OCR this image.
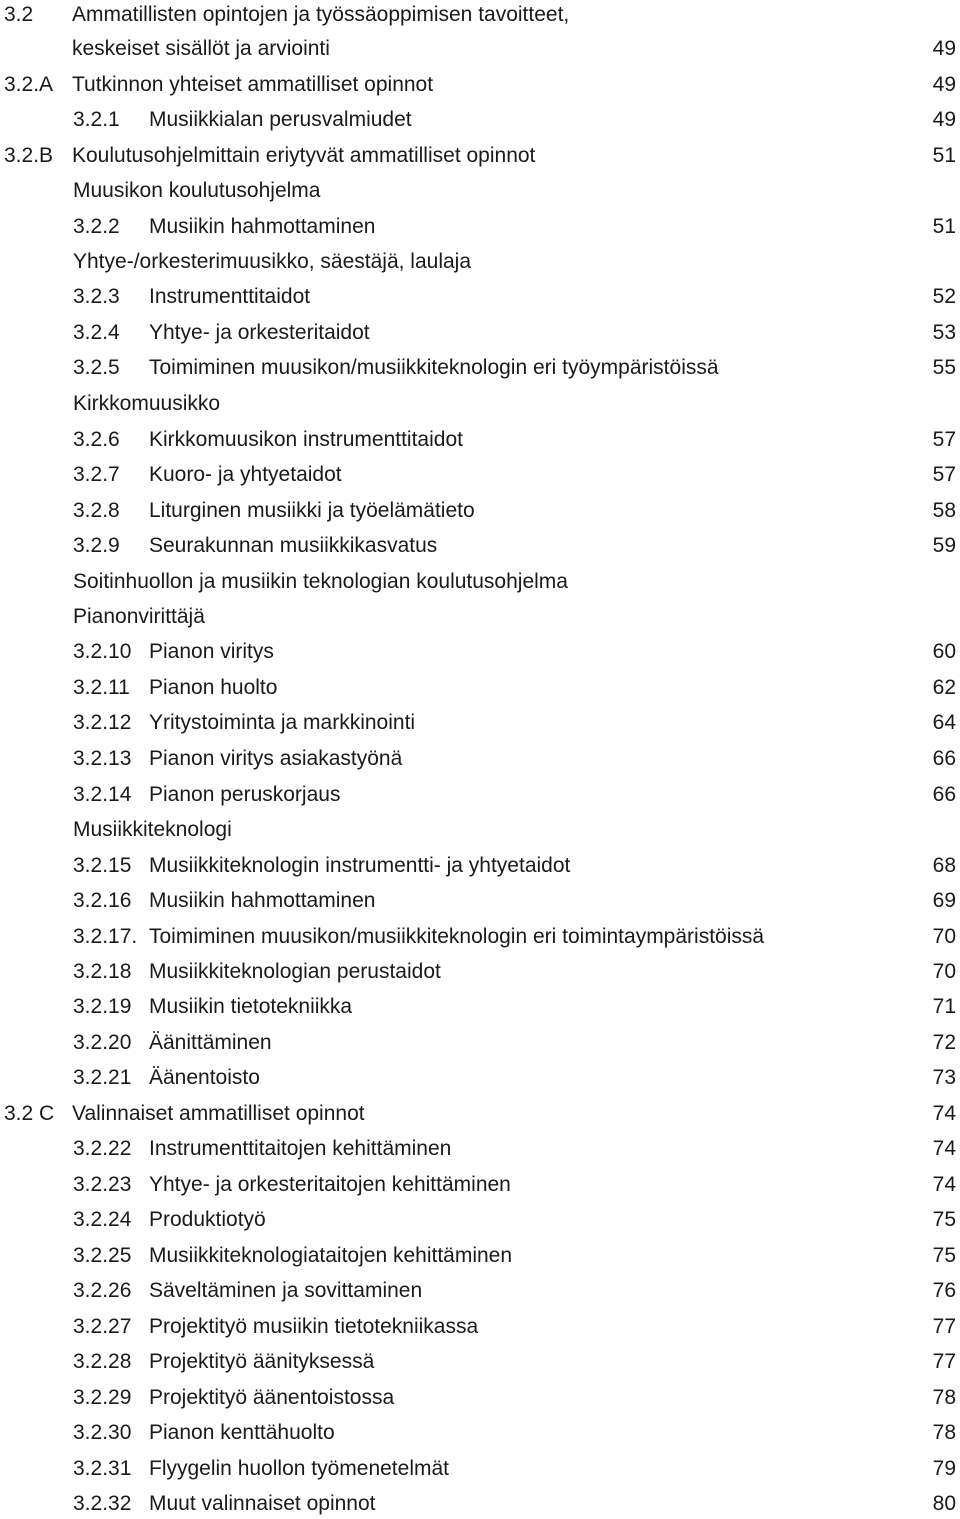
3.2 Ammatillisten opintojen ja työssäoppimisen tavoitteet,
keskeiset sisällöt ja arviointi	49
3.2.A Tutkinnon yhteiset ammatilliset opinnot	49
3.2.1 Musiikkialan perusvalmiudet	49
3.2.B Koulutusohjelmittain eriytyvät ammatilliset opinnot	51
Muusikon koulutusohjelma
3.2.2 Musiikin hahmottaminen	51
Yhtye-/orkesterimuusikko, säestäjä, laulaja
3.2.3 Instrumenttitaidot	52
3.2.4 Yhtye- ja orkesteritaidot	53
3.2.5 Toimiminen muusikon/musiikkiteknologin eri työympäristöissä	55
Kirkkomuusikko
3.2.6 Kirkkomuusikon instrumenttitaidot	57
3.2.7 Kuoro- ja yhtyetaidot	57
3.2.8 Liturginen musiikki ja työelämätieto	58
3.2.9 Seurakunnan musiikkikasvatus	59
Soitinhuollon ja musiikin teknologian koulutusohjelma
Pianonvirittäjä
3.2.10 Pianon viritys	60
3.2.11 Pianon huolto	62
3.2.12 Yritystoiminta ja markkinointi	64
3.2.13 Pianon viritys asiakastyönä	66
3.2.14 Pianon peruskorjaus	66
Musiikkiteknologi
3.2.15 Musiikkiteknologin instrumentti- ja yhtyetaidot	68
3.2.16 Musiikin hahmottaminen	69
3.2.17. Toimiminen muusikon/musiikkiteknologin eri toimintaympäristöissä	70
3.2.18 Musiikkiteknologian perustaidot	70
3.2.19 Musiikin tietotekniikka	71
3.2.20 Äänittäminen	72
3.2.21 Äänentoisto	73
3.2 C Valinnaiset ammatilliset opinnot	74
3.2.22 Instrumenttitaitojen kehittäminen	74
3.2.23 Yhtye- ja orkesteritaitojen kehittäminen	74
3.2.24 Produktiotyö	75
3.2.25 Musiikkiteknologiataitojen kehittäminen	75
3.2.26 Säveltäminen ja sovittaminen	76
3.2.27 Projektityö musiikin tietotekniikassa	77
3.2.28 Projektityö äänityksessä	77
3.2.29 Projektityö äänentoistossa	78
3.2.30 Pianon kenttähuolto	78
3.2.31 Flyygelin huollon työmenetelmät	79
3.2.32 Muut valinnaiset opinnot	80
